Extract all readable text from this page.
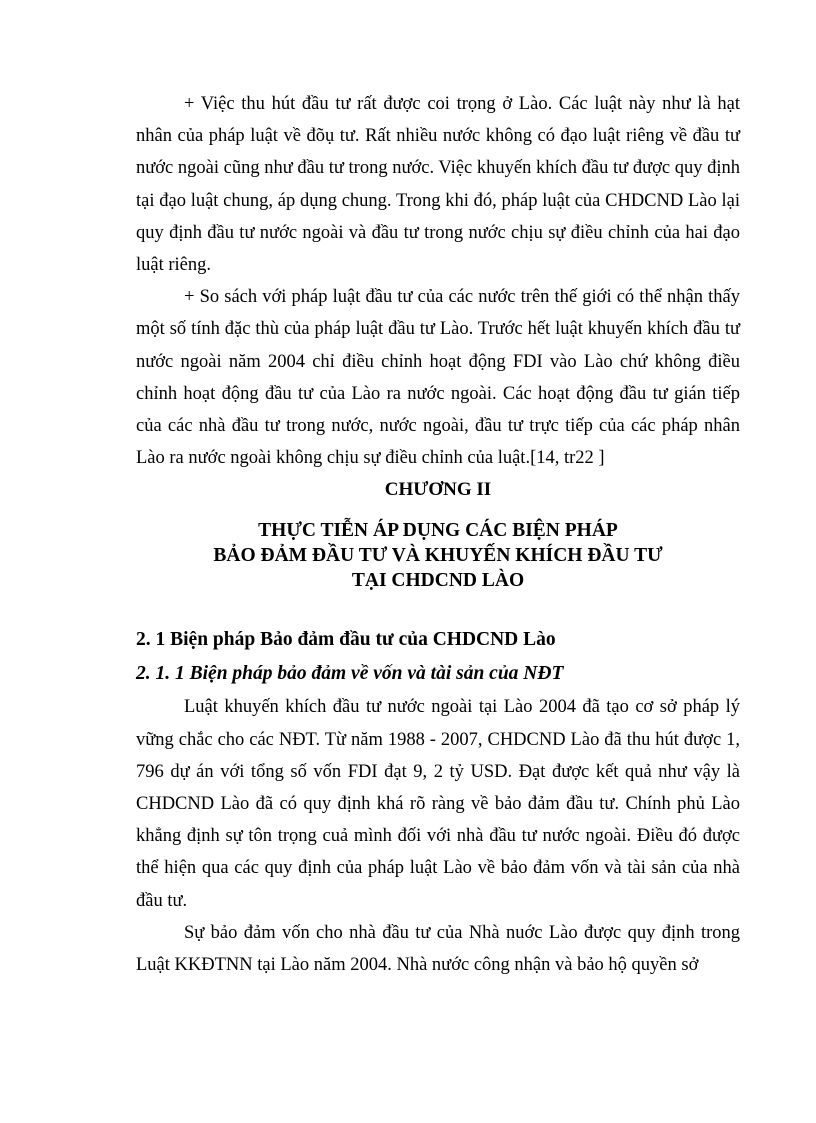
+ Việc thu hút đầu tư rất được coi trọng ở Lào. Các luật này như là hạt nhân của pháp luật về đõụ tư. Rất nhiều nước không có đạo luật riêng về đầu tư nước ngoài cũng như đầu tư trong nước. Việc khuyến khích đầu tư được quy định tại đạo luật chung, áp dụng chung. Trong khi đó, pháp luật của CHDCND Lào lại quy định đầu tư nước ngoài và đầu tư trong nước chịu sự điều chỉnh của hai đạo luật riêng.

+ So sách với pháp luật đầu tư của các nước trên thế giới có thể nhận thấy một số tính đặc thù của pháp luật đầu tư Lào. Trước hết luật khuyến khích đầu tư nước ngoài năm 2004 chỉ điều chỉnh hoạt động FDI vào Lào chứ không điều chỉnh hoạt động đầu tư của Lào ra nước ngoài. Các hoạt động đầu tư gián tiếp của các nhà đầu tư trong nước, nước ngoài, đầu tư trực tiếp của các pháp nhân Lào ra nước ngoài không chịu sự điều chỉnh của luật.[14, tr22 ]

CHƯƠNG II

THỰC TIỄN ÁP DỤNG CÁC BIỆN PHÁP
BẢO ĐẢM ĐẦU TƯ VÀ KHUYẾN KHÍCH ĐẦU TƯ
TẠI CHDCND LÀO

2. 1 Biện pháp Bảo đảm đầu tư của CHDCND Lào

2. 1. 1 Biện pháp bảo đảm về vốn và tài sản của NĐT

Luật khuyến khích đầu tư nước ngoài tại Lào 2004 đã tạo cơ sở pháp lý vững chắc cho các NĐT. Từ năm 1988 - 2007, CHDCND Lào đã thu hút được 1, 796 dự án với tổng số vốn FDI đạt 9, 2 tỷ USD. Đạt được kết quả như vậy là CHDCND Lào đã có quy định khá rõ ràng về bảo đảm đầu tư. Chính phủ Lào khẳng định sự tôn trọng cuả mình đối với nhà đầu tư nước ngoài. Điều đó được thể hiện qua các quy định của pháp luật Lào về bảo đảm vốn và tài sản của nhà đầu tư.

Sự bảo đảm vốn cho nhà đầu tư của Nhà nuớc Lào được quy định trong Luật KKĐTNN tại Lào năm 2004. Nhà nước công nhận và bảo hộ quyền sở
